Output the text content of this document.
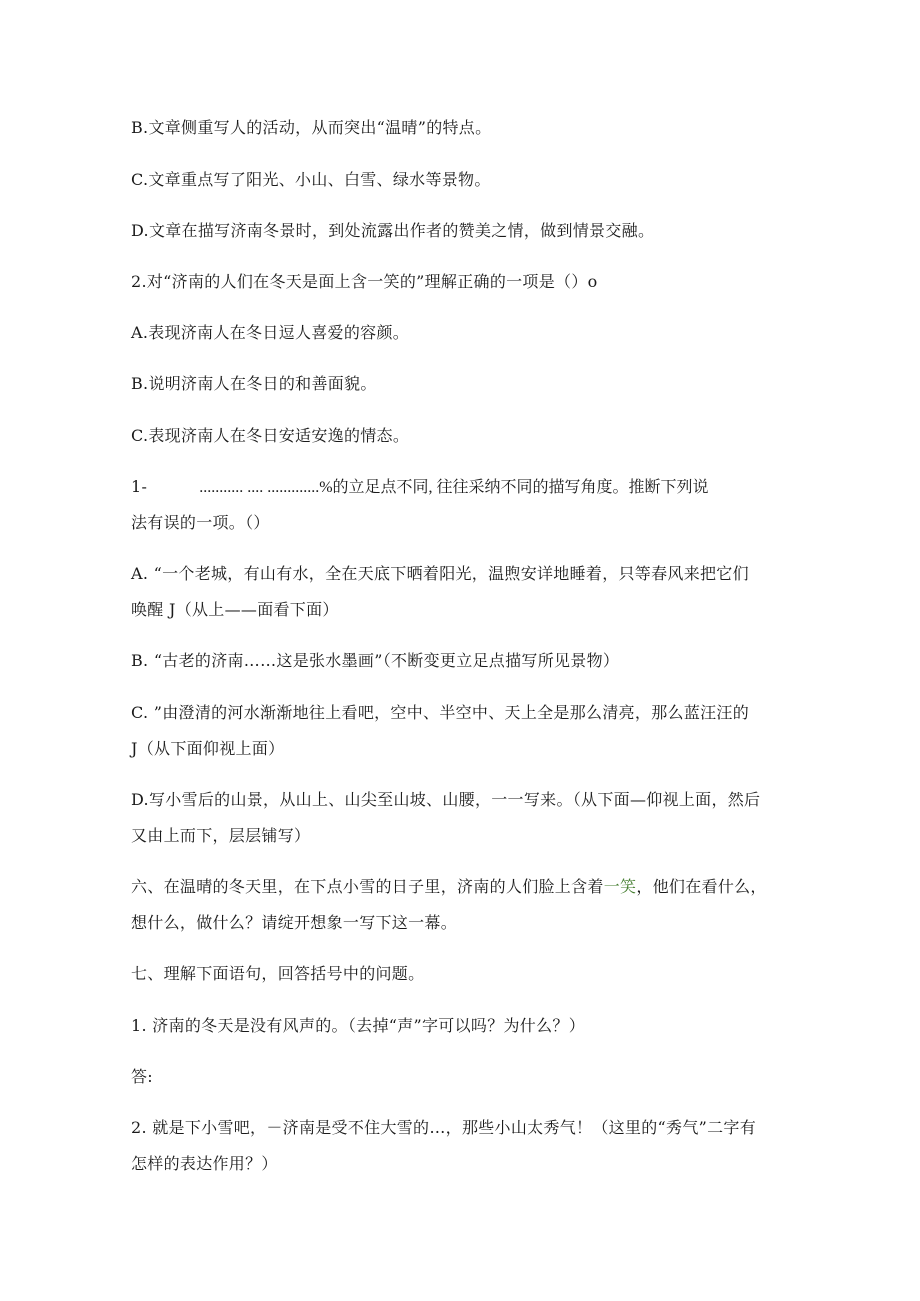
B.文章侧重写人的活动，从而突出“温晴”的特点。

C.文章重点写了阳光、小山、白雪、绿水等景物。

D.文章在描写济南冬景时，到处流露出作者的赞美之情，做到情景交融。

2.对“济南的人们在冬天是面上含一笑的”理解正确的一项是（）o

A.表现济南人在冬日逗人喜爱的容颜。

B.说明济南人在冬日的和善面貌。

C.表现济南人在冬日安适安逸的情态。

1-	........... .... .............%的立足点不同, 往往采纳不同的描写角度。推断下列说

法有误的一项。（）

A. “一个老城，有山有水，全在天底下晒着阳光，温煦安详地睡着，只等春风来把它们

唤醒 J（从上——面看下面）

B. “古老的济南……这是张水墨画”（不断变更立足点描写所见景物）

C. ”由澄清的河水渐渐地往上看吧，空中、半空中、天上全是那么清亮，那么蓝汪汪的

J（从下面仰视上面）

D.写小雪后的山景，从山上、山尖至山坡、山腰，一一写来。（从下面—仰视上面，然后

又由上而下，层层铺写）

六、在温晴的冬天里，在下点小雪的日子里，济南的人们脸上含着一笑，他们在看什么，

想什么，做什么？请绽开想象一写下这一幕。

七、理解下面语句，回答括号中的问题。

1. 济南的冬天是没有风声的。（去掉“声”字可以吗？为什么？）

答:

2. 就是下小雪吧，－济南是受不住大雪的…，那些小山太秀气！（这里的“秀气”二字有

怎样的表达作用？）
